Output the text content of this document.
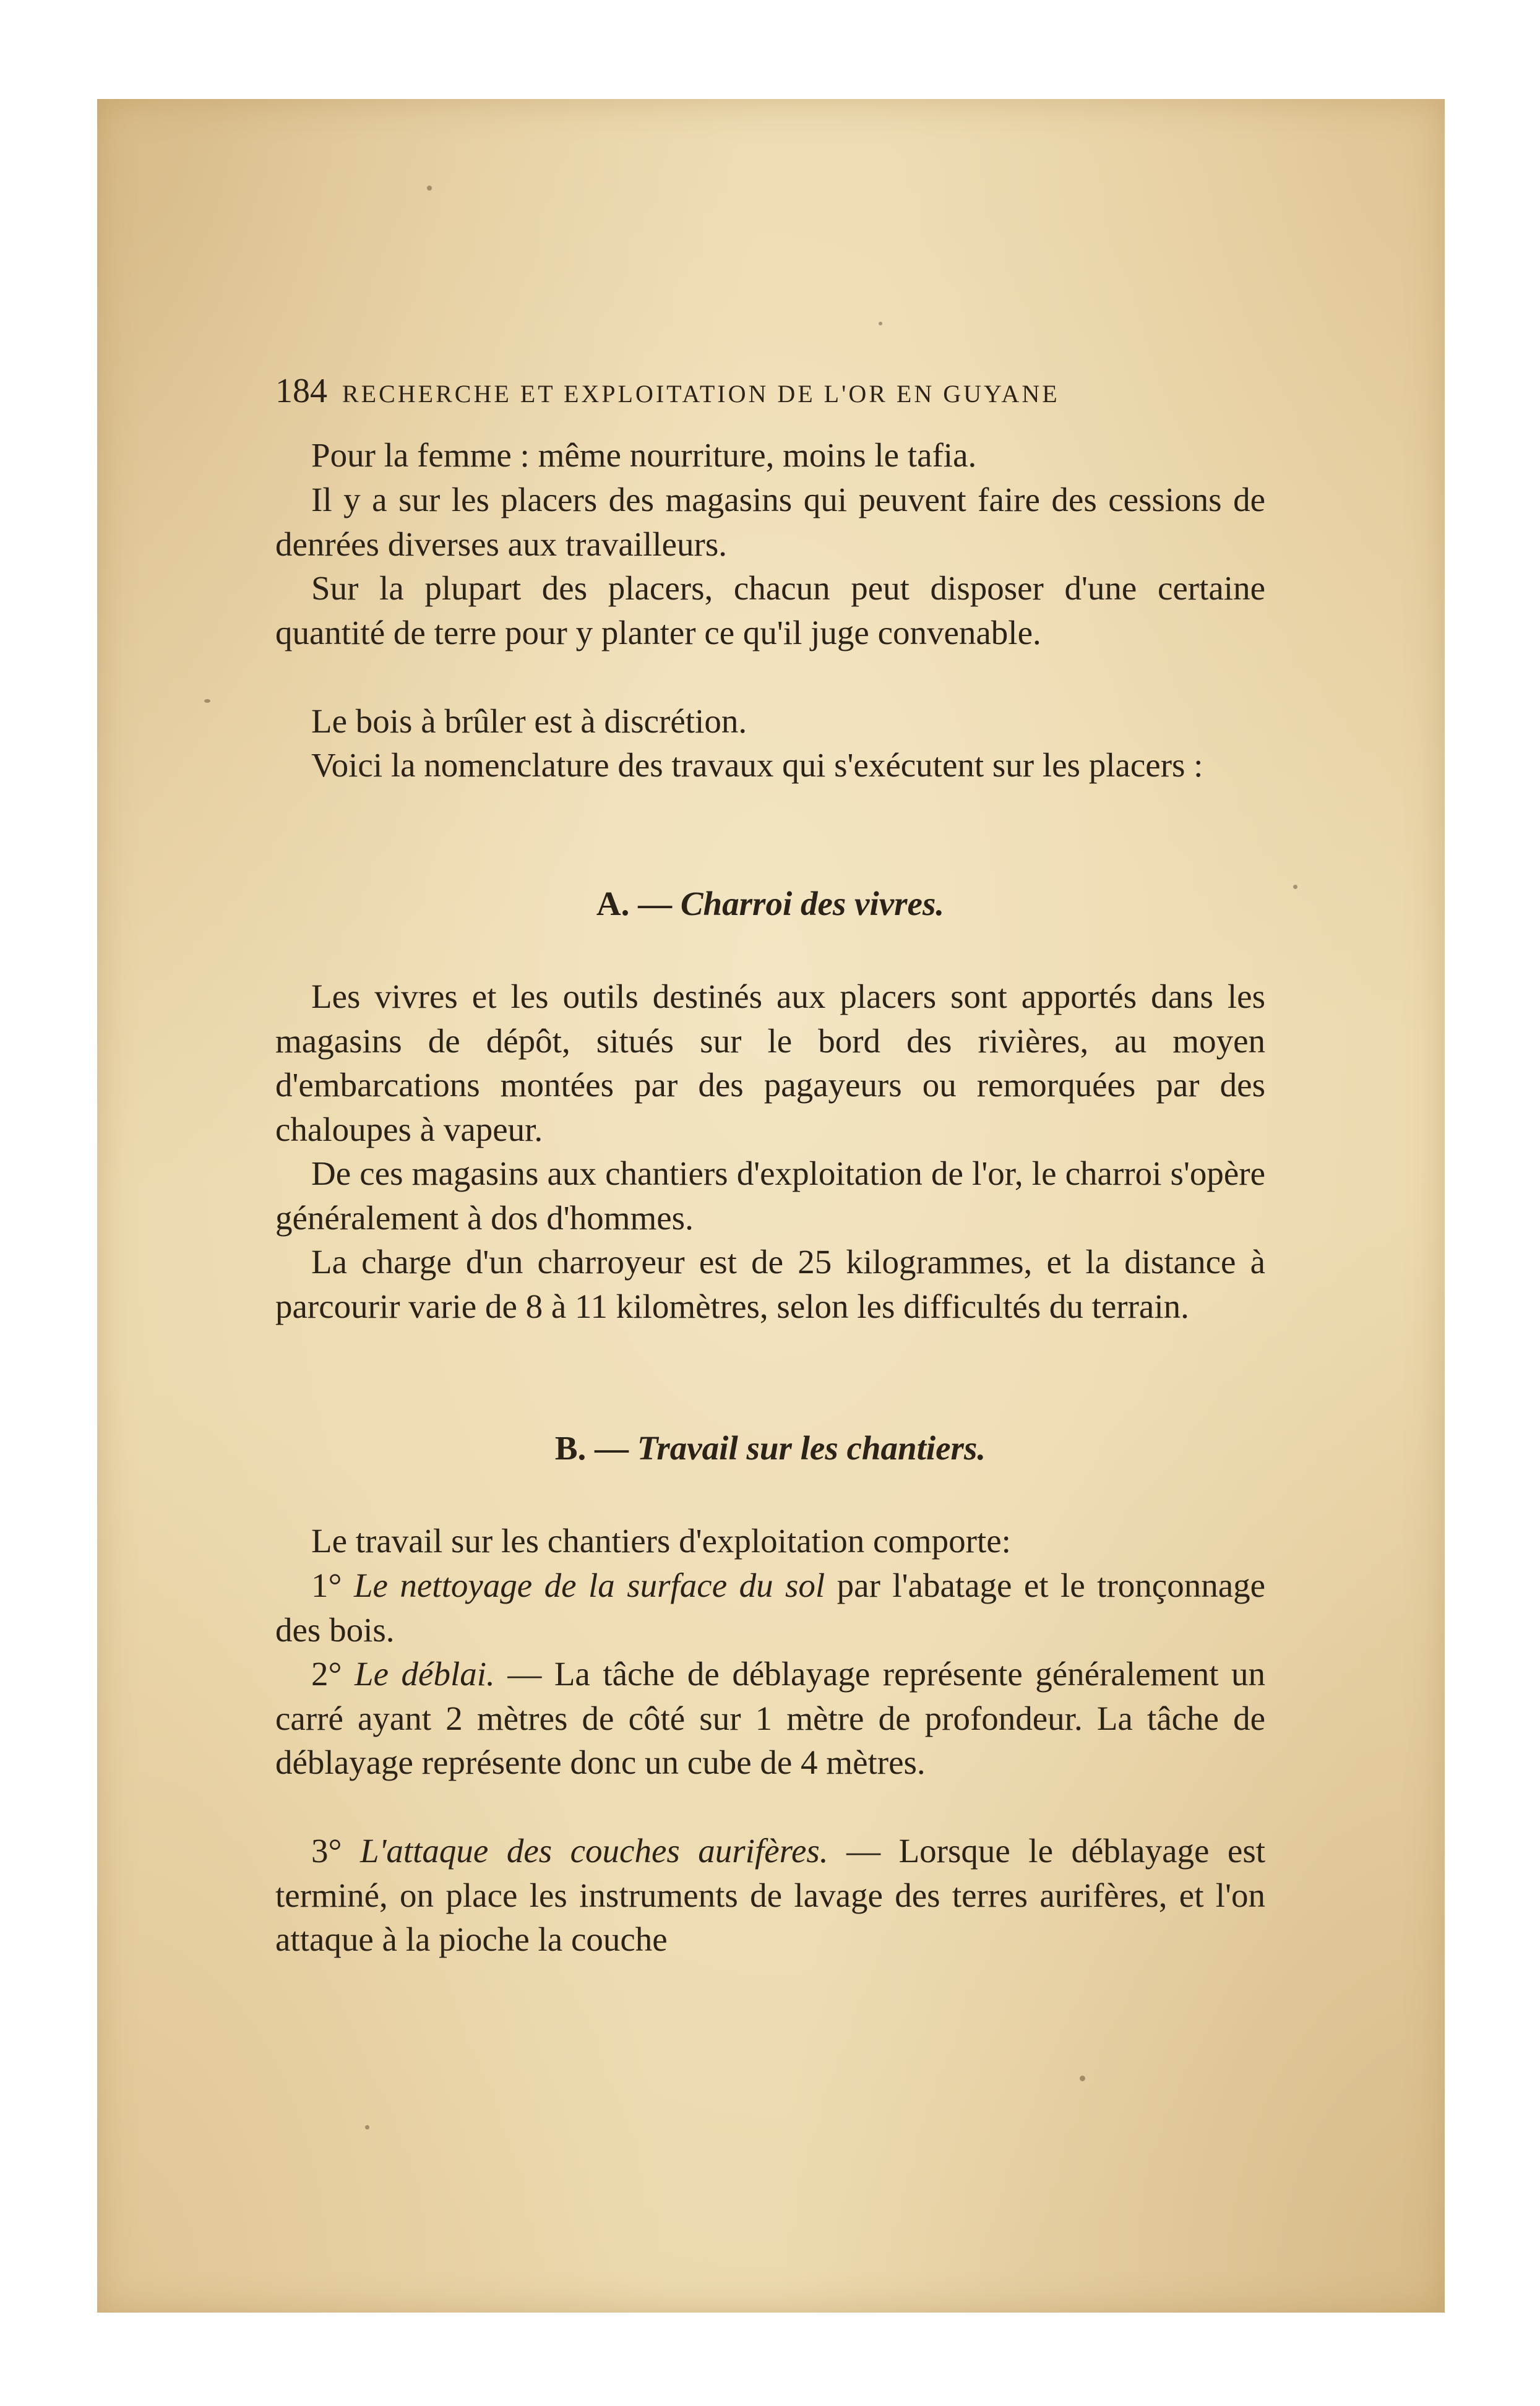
184 RECHERCHE ET EXPLOITATION DE L'OR EN GUYANE

Pour la femme : même nourriture, moins le tafia.

Il y a sur les placers des magasins qui peuvent faire des cessions de denrées diverses aux travailleurs.

Sur la plupart des placers, chacun peut disposer d'une certaine quantité de terre pour y planter ce qu'il juge convenable.

Le bois à brûler est à discrétion.

Voici la nomenclature des travaux qui s'exécutent sur les placers :

A. — Charroi des vivres.

Les vivres et les outils destinés aux placers sont apportés dans les magasins de dépôt, situés sur le bord des rivières, au moyen d'embarcations montées par des pagayeurs ou remorquées par des chaloupes à vapeur.

De ces magasins aux chantiers d'exploitation de l'or, le charroi s'opère généralement à dos d'hommes.

La charge d'un charroyeur est de 25 kilogrammes, et la distance à parcourir varie de 8 à 11 kilomètres, selon les difficultés du terrain.

B. — Travail sur les chantiers.

Le travail sur les chantiers d'exploitation comporte:

1° Le nettoyage de la surface du sol par l'abatage et le tronçonnage des bois.

2° Le déblai. — La tâche de déblayage représente généralement un carré ayant 2 mètres de côté sur 1 mètre de profondeur. La tâche de déblayage représente donc un cube de 4 mètres.

3° L'attaque des couches aurifères. — Lorsque le déblayage est terminé, on place les instruments de lavage des terres aurifères, et l'on attaque à la pioche la couche
